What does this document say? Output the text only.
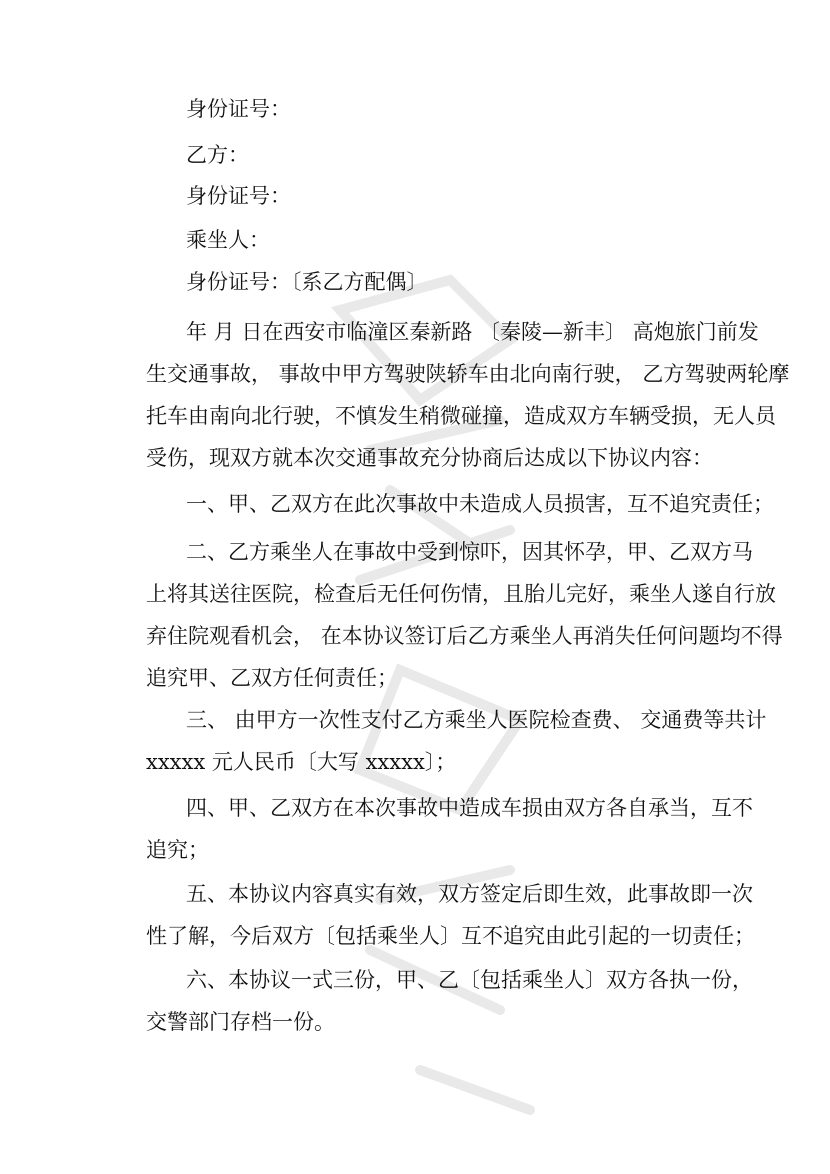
身份证号：
乙方：
身份证号：
乘坐人：
身份证号：〔系乙方配偶〕
年 月 日在西安市临潼区秦新路 〔秦陵—新丰〕 高炮旅门前发
生交通事故， 事故中甲方驾驶陕轿车由北向南行驶， 乙方驾驶两轮摩
托车由南向北行驶，不慎发生稍微碰撞，造成双方车辆受损，无人员
受伤，现双方就本次交通事故充分协商后达成以下协议内容：
一、甲、乙双方在此次事故中未造成人员损害，互不追究责任；
二、乙方乘坐人在事故中受到惊吓，因其怀孕，甲、乙双方马
上将其送往医院，检查后无任何伤情，且胎儿完好，乘坐人遂自行放
弃住院观看机会， 在本协议签订后乙方乘坐人再消失任何问题均不得
追究甲、乙双方任何责任；
三、 由甲方一次性支付乙方乘坐人医院检查费、 交通费等共计
xxxxx 元人民币〔大写 xxxxx〕；
四、甲、乙双方在本次事故中造成车损由双方各自承当，互不
追究；
五、本协议内容真实有效，双方签定后即生效，此事故即一次
性了解，今后双方〔包括乘坐人〕互不追究由此引起的一切责任；
六、本协议一式三份，甲、乙〔包括乘坐人〕双方各执一份，
交警部门存档一份。
